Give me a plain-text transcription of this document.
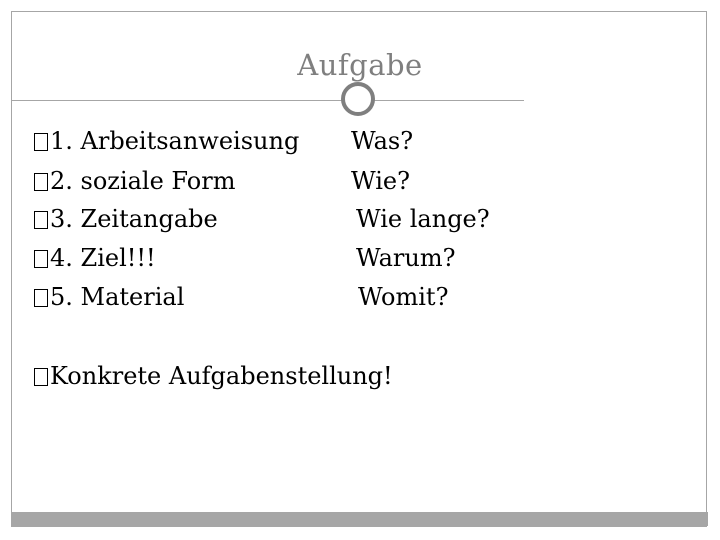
Aufgabe
1. Arbeitsanweisung
2. soziale Form
3. Zeitangabe
4. Ziel!!!
5. Material
Was?
Wie?
Wie lange?
Warum?
Womit?
Konkrete Aufgabenstellung!
